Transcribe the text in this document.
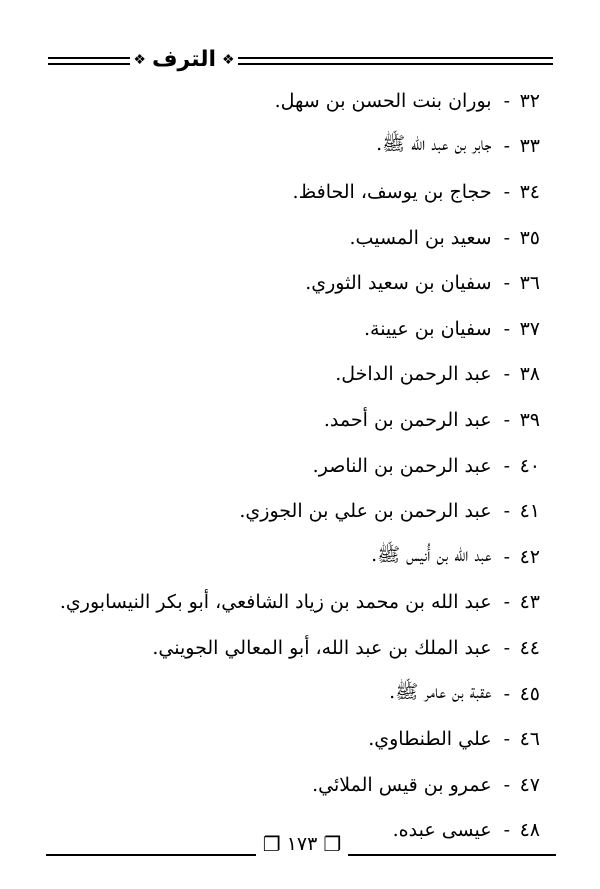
❖ الترف ❖
٣٢
-
بوران بنت الحسن بن سهل.
٣٣
-
جابر بن عبد الله ﷺ.
٣٤
-
حجاج بن يوسف، الحافظ.
٣٥
-
سعيد بن المسيب.
٣٦
-
سفيان بن سعيد الثوري.
٣٧
-
سفيان بن عيينة.
٣٨
-
عبد الرحمن الداخل.
٣٩
-
عبد الرحمن بن أحمد.
٤٠
-
عبد الرحمن بن الناصر.
٤١
-
عبد الرحمن بن علي بن الجوزي.
٤٢
-
عبد الله بن أُنيس ﷺ.
٤٣
-
عبد الله بن محمد بن زياد الشافعي، أبو بكر النيسابوري.
٤٤
-
عبد الملك بن عبد الله، أبو المعالي الجويني.
٤٥
-
عقبة بن عامر ﷺ.
٤٦
-
علي الطنطاوي.
٤٧
-
عمرو بن قيس الملائي.
٤٨
-
عيسى عبده.
❐ ١٧٣ ❐
